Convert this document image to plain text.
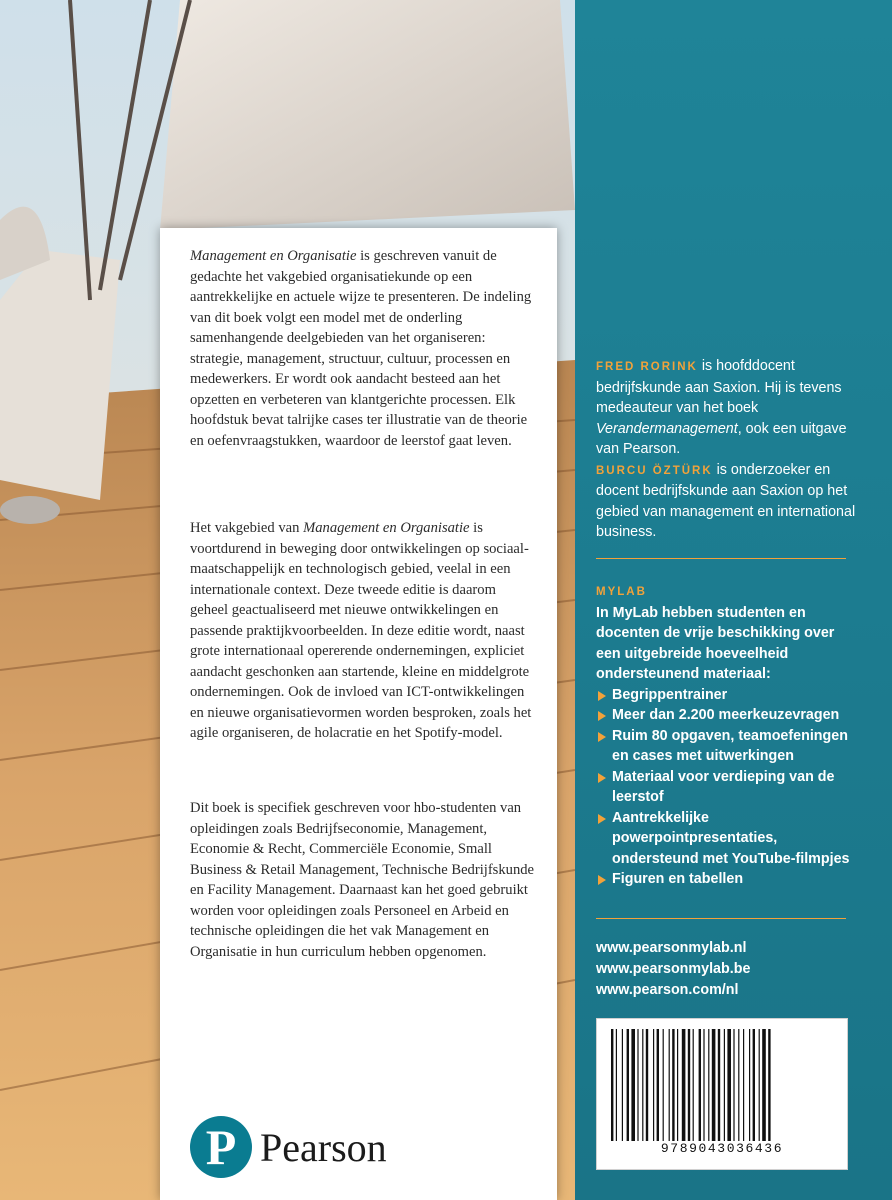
Management en Organisatie is geschreven vanuit de gedachte het vakgebied organisatiekunde op een aantrekkelijke en actuele wijze te presenteren. De indeling van dit boek volgt een model met de onderling samenhangende deelgebieden van het organiseren: strategie, management, structuur, cultuur, processen en medewerkers. Er wordt ook aandacht besteed aan het opzetten en verbeteren van klantgerichte processen. Elk hoofdstuk bevat talrijke cases ter illustratie van de theorie en oefenvraagstukken, waardoor de leerstof gaat leven.

Het vakgebied van Management en Organisatie is voortdurend in beweging door ontwikkelingen op sociaal-maatschappelijk en technologisch gebied, veelal in een internationale context. Deze tweede editie is daarom geheel geactualiseerd met nieuwe ontwikkelingen en passende praktijkvoorbeelden. In deze editie wordt, naast grote internationaal opererende ondernemingen, expliciet aandacht geschonken aan startende, kleine en middelgrote ondernemingen. Ook de invloed van ICT-ontwikkelingen en nieuwe organisatievormen worden besproken, zoals het agile organiseren, de holacratie en het Spotify-model.

Dit boek is specifiek geschreven voor hbo-studenten van opleidingen zoals Bedrijfseconomie, Management, Economie & Recht, Commerciële Economie, Small Business & Retail Management, Technische Bedrijfskunde en Facility Management. Daarnaast kan het goed gebruikt worden voor opleidingen zoals Personeel en Arbeid en technische opleidingen die het vak Management en Organisatie in hun curriculum hebben opgenomen.

P Pearson

FRED RORINK is hoofddocent bedrijfskunde aan Saxion. Hij is tevens medeauteur van het boek Verandermanagement, ook een uitgave van Pearson.

BURCU ÖZTÜRK is onderzoeker en docent bedrijfskunde aan Saxion op het gebied van management en international business.

MYLAB
In MyLab hebben studenten en docenten de vrije beschikking over een uitgebreide hoeveelheid ondersteunend materiaal:
Begrippentrainer
Meer dan 2.200 meerkeuzevragen
Ruim 80 opgaven, teamoefeningen en cases met uitwerkingen
Materiaal voor verdieping van de leerstof
Aantrekkelijke powerpointpresentaties, ondersteund met YouTube-filmpjes
Figuren en tabellen
www.pearsonmylab.nl
www.pearsonmylab.be
www.pearson.com/nl
9789043036436
